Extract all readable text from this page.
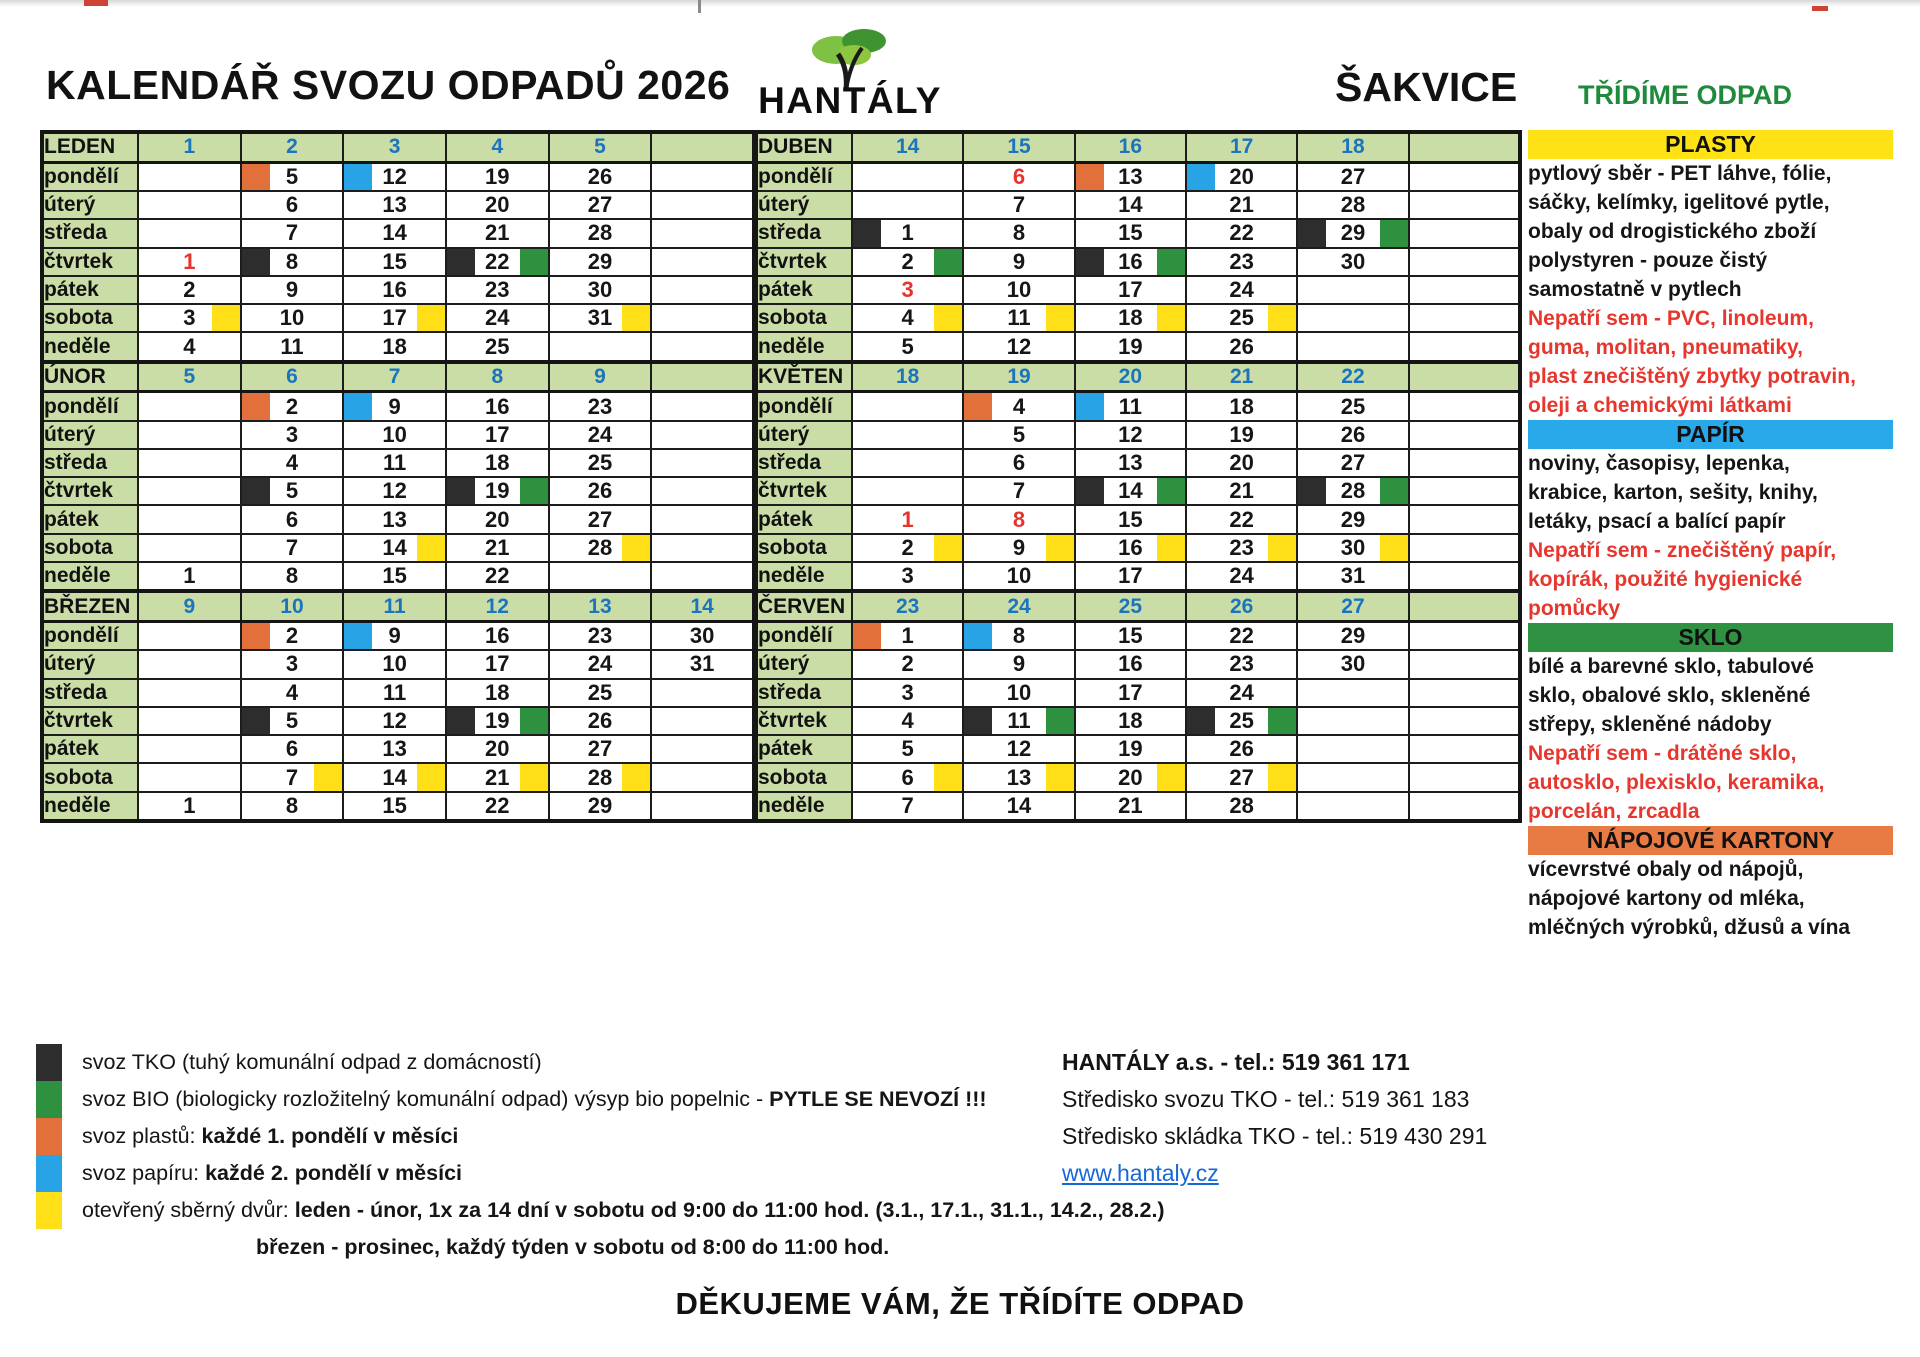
KALENDÁŘ SVOZU ODPADŮ 2026 HANTÁLY	ŠAKVICE TŘÍDÍME ODPAD
LEDEN	1	2	3	4	5	
pondělí		5	12	19	26	
úterý		6	13	20	27	
středa		7	14	21	28	
čtvrtek	1	8	15	22	29	
pátek	2	9	16	23	30	
sobota	3	10	17	24	31

neděle	4	11	18	25		
ÚNOR	5	6	7	8	9	
pondělí		2	9	16	23	
úterý		3	10	17	24	
středa		4	11	18	25	
čtvrtek		5	12	19	26	
pátek		6	13	20	27	
sobota		7	14	21	28

neděle	1	8	15	22		
BŘEZEN	9	10	11	12	13	14
pondělí		2	9	16	23	30
úterý		3	10	17	24	31
středa		4	11	18	25	
čtvrtek		5	12	19	26	
pátek		6	13	20	27	
sobota		7	14	21	28

neděle	1	8	15	22	29	
DUBEN	14	15	16	17	18	
pondělí		6	13	20	27	
úterý		7	14	21	28	
středa	1	8	15	22	29

čtvrtek	2	9	16	23	30	
pátek	3	10	17	24		
sobota	4	11	18	25

neděle	5	12	19	26		
KVĚTEN	18	19	20	21	22	
pondělí		4	11	18	25	
úterý		5	12	19	26	
středa		6	13	20	27	
čtvrtek		7	14	21	28

pátek	1	8	15	22	29	
sobota	2	9	16	23	30

neděle	3	10	17	24	31	
ČERVEN	23	24	25	26	27	
pondělí	1	8	15	22	29	
úterý	2	9	16	23	30	
středa	3	10	17	24		
čtvrtek	4	11	18	25

pátek	5	12	19	26		
sobota	6	13	20	27

neděle	7	14	21	28		
PLASTY
pytlový sběr - PET láhve, fólie,
sáčky, kelímky, igelitové pytle,
obaly od drogistického zboží
polystyren - pouze čistý
samostatně v pytlech
Nepatří sem - PVC, linoleum,
guma, molitan, pneumatiky,
plast znečištěný zbytky potravin,
oleji a chemickými látkami
PAPÍR
noviny, časopisy, lepenka,
krabice, karton, sešity, knihy,
letáky, psací a balící papír
Nepatří sem - znečištěný papír,
kopírák, použité hygienické
pomůcky
SKLO
bílé a barevné sklo, tabulové
sklo, obalové sklo, skleněné
střepy, skleněné nádoby
Nepatří sem - drátěné sklo,
autosklo, plexisklo, keramika,
porcelán, zrcadla
NÁPOJOVÉ KARTONY
vícevrstvé obaly od nápojů,
nápojové kartony od mléka,
mléčných výrobků, džusů a vína
svoz TKO (tuhý komunální odpad z domácností)
svoz BIO (biologicky rozložitelný komunální odpad) výsyp bio popelnic - PYTLE SE NEVOZÍ !!!
svoz plastů: každé 1. pondělí v měsíci
svoz papíru: každé 2. pondělí v měsíci
otevřený sběrný dvůr: leden - únor, 1x za 14 dní v sobotu od 9:00 do 11:00 hod. (3.1., 17.1., 31.1., 14.2., 28.2.)
březen - prosinec, každý týden v sobotu od 8:00 do 11:00 hod.
HANTÁLY a.s. - tel.: 519 361 171
Středisko svozu TKO - tel.: 519 361 183
Středisko skládka TKO - tel.: 519 430 291
www.hantaly.cz
DĚKUJEME VÁM, ŽE TŘÍDÍTE ODPAD
